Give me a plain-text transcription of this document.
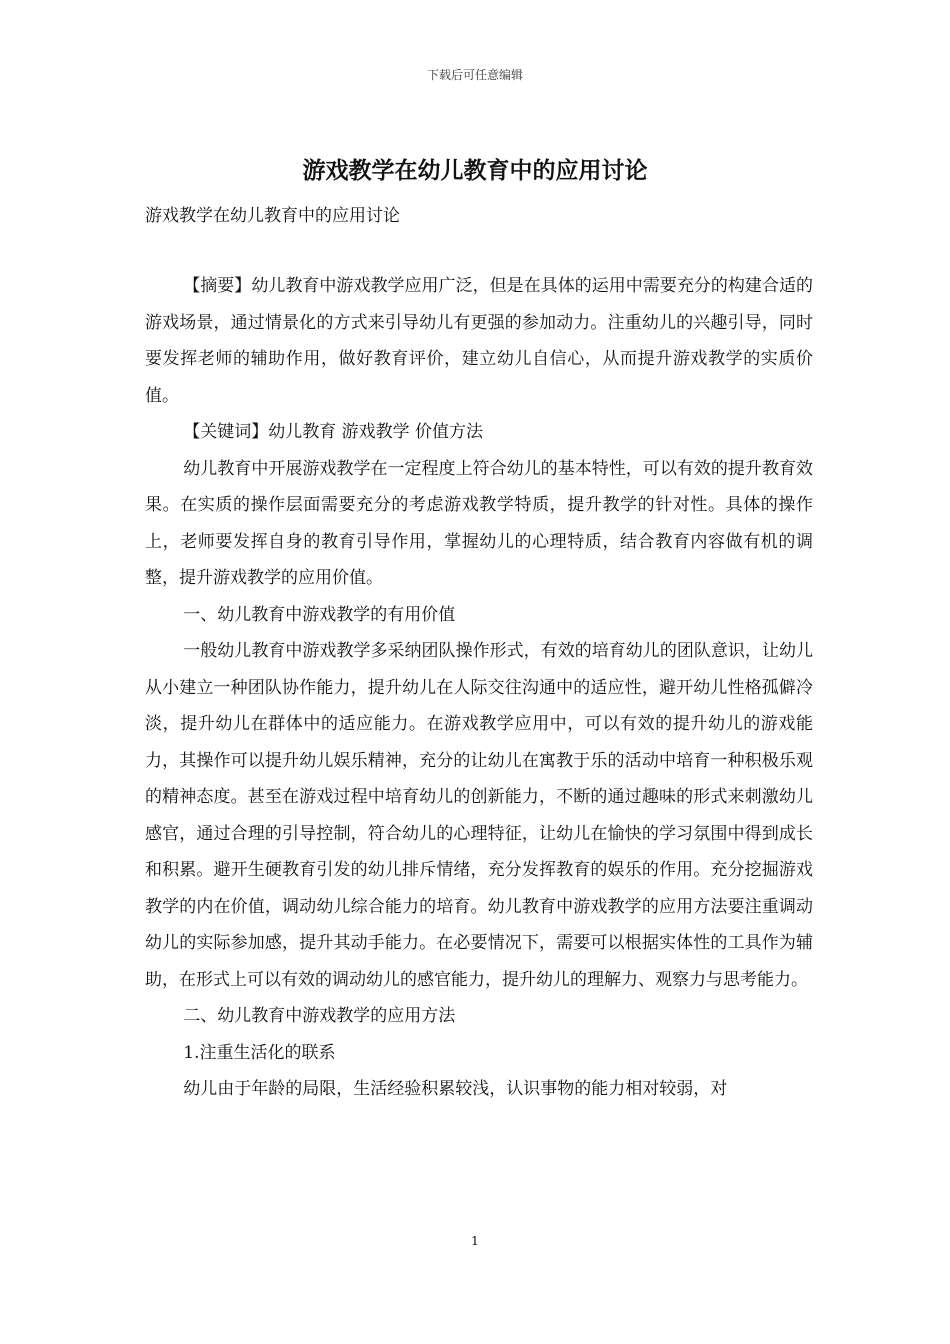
下载后可任意编辑
游戏教学在幼儿教育中的应用讨论
游戏教学在幼儿教育中的应用讨论

【摘要】幼儿教育中游戏教学应用广泛，但是在具体的运用中需要充分的构建合适的游戏场景，通过情景化的方式来引导幼儿有更强的参加动力。注重幼儿的兴趣引导，同时要发挥老师的辅助作用，做好教育评价，建立幼儿自信心，从而提升游戏教学的实质价值。

【关键词】幼儿教育 游戏教学 价值方法

幼儿教育中开展游戏教学在一定程度上符合幼儿的基本特性，可以有效的提升教育效果。在实质的操作层面需要充分的考虑游戏教学特质，提升教学的针对性。具体的操作上，老师要发挥自身的教育引导作用，掌握幼儿的心理特质，结合教育内容做有机的调整，提升游戏教学的应用价值。

一、幼儿教育中游戏教学的有用价值

一般幼儿教育中游戏教学多采纳团队操作形式，有效的培育幼儿的团队意识，让幼儿从小建立一种团队协作能力，提升幼儿在人际交往沟通中的适应性，避开幼儿性格孤僻冷淡，提升幼儿在群体中的适应能力。在游戏教学应用中，可以有效的提升幼儿的游戏能力，其操作可以提升幼儿娱乐精神，充分的让幼儿在寓教于乐的活动中培育一种积极乐观的精神态度。甚至在游戏过程中培育幼儿的创新能力，不断的通过趣味的形式来刺激幼儿感官，通过合理的引导控制，符合幼儿的心理特征，让幼儿在愉快的学习氛围中得到成长和积累。避开生硬教育引发的幼儿排斥情绪，充分发挥教育的娱乐的作用。充分挖掘游戏教学的内在价值，调动幼儿综合能力的培育。幼儿教育中游戏教学的应用方法要注重调动幼儿的实际参加感，提升其动手能力。在必要情况下，需要可以根据实体性的工具作为辅助，在形式上可以有效的调动幼儿的感官能力，提升幼儿的理解力、观察力与思考能力。

二、幼儿教育中游戏教学的应用方法

1.注重生活化的联系

幼儿由于年龄的局限，生活经验积累较浅，认识事物的能力相对较弱，对

1
